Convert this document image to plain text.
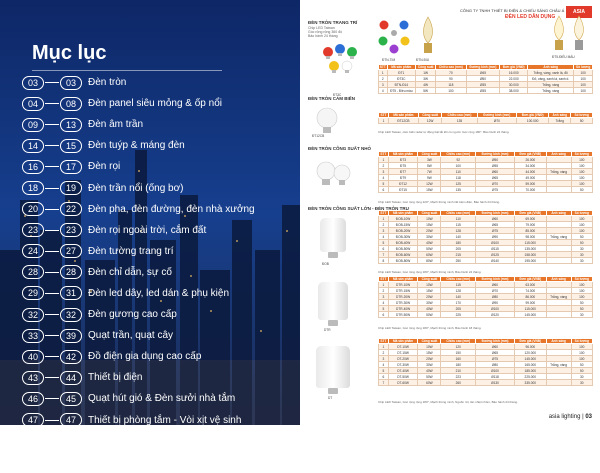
Mục lục
03	03	Đèn tròn
04	08	Đèn panel siêu mỏng & ốp nổi
09	13	Đèn âm trần
14	15	Đèn tuýp & máng đèn
16	17	Đèn rọi
18	19	Đèn trần nổi (ống bơ)
20	22	Đèn pha, đèn đường, đèn nhà xưởng
23	23	Đèn rọi ngoài trời, cắm đất
24	27	Đèn tường trang trí
28	28	Đèn chỉ dẫn, sự cố
29	31	Đèn led dây, led dán & phụ kiện
32	32	Đèn gương cao cấp
33	39	Quạt trần, quạt cây
40	42	Đồ điện gia dụng cao cấp
43	44	Thiết bị điện
46	45	Quạt hút gió & Đèn sưởi nhà tắm
47	47	Thiết bị phòng tắm - Vòi xịt vệ sinh
48	49	Đèn đội đầu & Đèn bàn học sinh
50	50	Tủ sấy quần áo
CÔNG TY TNHH THIẾT BỊ ĐIỆN & CHIẾU SÁNG CHÂU Á
ĐÈN LED DÂN DỤNG
ASIA
ĐÈN TRÒN TRANG TRÍ
Chip LED Taiwan
Góc rộng rộng 360 độ
Bảo hành 24 tháng
ĐT3C
ĐTN-TIM	ĐTN-ĐIU
ĐT5-ĐIỂU MÀU
STT	Mã sản phẩm	Công suất	Chiều cao (mm)	Đường kính (mm)	Đơn giá (VNĐ)	Ánh sáng	Số lượng
1	ĐT1	1W	70	Ø45	16.000	Trắng, vàng, xanh lá, đỏ	100
2	ĐT3C	3W	90	Ø50	22.000	Đỏ, vàng, xanh lá, xanh d.	100
3	ĐTN-Đ14	4W	118	Ø35	30.000	Trắng, vàng	100
4	ĐT5 - Điều màu	5W	100	Ø35	38.000	Trắng, vàng	100
ĐÈN TRÒN CẢM BIẾN
ĐT12CB
STT	Mã sản phẩm	Công suất	Chiều cao (mm)	Đường kính (mm)	Đơn giá (VNĐ)	Ánh sáng	Số lượng
1	ĐT12CB	12W	135	Ø70	100.000	Trắng	50
Chip LED Taiwan, cảm biến radar tự động bật tắt khi có người. Góc rộng 180°. Bảo hành 24 tháng.
ĐÈN TRÒN CÔNG SUẤT NHỎ
STT	Mã sản phẩm	Công suất	Chiều cao (mm)	Đường kính (mm)	Đơn giá (VNĐ)	Ánh sáng	Số lượng
1	ĐT3	3W	92	Ø50	26.000		100
2	ĐT5	5W	100	Ø55	34.000		100
3	ĐT7	7W	110	Ø60	44.000	Trắng, vàng	100
4	ĐT9	9W	118	Ø65	49.000		100
5	ĐT12	12W	125	Ø70	59.000		100
6	ĐT15	15W	135	Ø75	70.000		50
Chip LED Taiwan, Góc rộng rộng 220°, Mạch thông minh tiết kiệm điện, Bảo hành 24 tháng.
ĐÈN TRÒN CÔNG SUẤT LỚN - ĐÈN TRÒN TRỤ
ĐOB
STT	Mã sản phẩm	Công suất	Chiều cao (mm)	Đường kính (mm)	Đơn giá (VNĐ)	Ánh sáng	Số lượng
1	ĐOB-10W	10W	110	Ø60	69.000		100
2	ĐOB-15W	15W	115	Ø65	79.000		100
3	ĐOB-20W	20W	128	Ø75	85.000		100
4	ĐOB-30W	30W	140	Ø90	98.000	Trắng, vàng	50
5	ĐOB-40W	40W	180	Ø100	115.000		50
6	ĐOB-50W	50W	205	Ø115	135.000		30
7	ĐOB-60W	60W	215	Ø125	158.000		30
8	ĐOB-80W	80W	250	Ø140	195.000		30
Chip LED Taiwan, Góc rộng rộng 180°, Mạch thông minh, Bảo hành 24 tháng.
DTR
STT	Mã sản phẩm	Công suất	Chiều cao (mm)	Đường kính (mm)	Đơn giá (VNĐ)	Ánh sáng	Số lượng
1	DTR-10W	10W	115	Ø60	63.000		100
2	DTR-15W	15W	128	Ø70	74.000		100
3	DTR-20W	20W	140	Ø80	86.000	Trắng, vàng	100
4	DTR-30W	30W	170	Ø90	99.000		50
5	DTR-40W	40W	205	Ø100	115.000		50
6	DTR-50W	50W	225	Ø120	145.000		30
Chip LED Taiwan, Góc rộng rộng 180°, Mạch thông minh, Bảo hành 18 tháng.
DT
STT	Mã sản phẩm	Công suất	Chiều cao (mm)	Đường kính (mm)	Đơn giá (VNĐ)	Ánh sáng	Số lượng
1	DT-10W	10W	120	Ø60	96.000		100
2	DT-15W	15W	150	Ø65	120.000		100
3	DT-20W	20W	160	Ø75	145.000		100
4	DT-30W	30W	180	Ø80	165.000	Trắng, vàng	50
5	DT-40W	40W	210	Ø100	185.000		50
6	DT-50W	50W	223	Ø118	225.000		30
7	DT-60W	60W	260	Ø130	335.000		30
Chip LED Taiwan, Góc rộng rộng 180°, Mạch thông minh, Nguồn rời, tản nhiệt nhôm, Bảo hành 24 tháng.
asia lighting | 03
